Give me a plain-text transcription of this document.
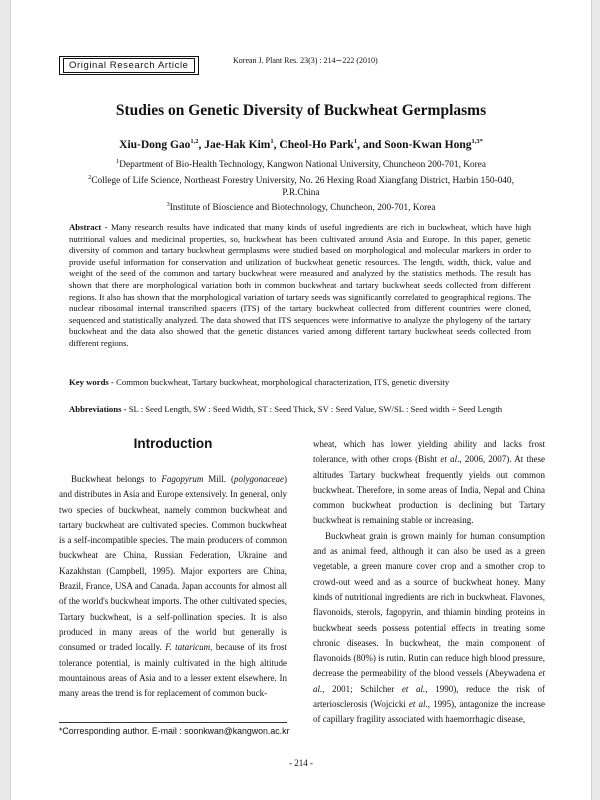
Original Research Article	Korean J. Plant Res. 23(3) : 214∼222 (2010)
Studies on Genetic Diversity of Buckwheat Germplasms
Xiu-Dong Gao$^{1,2}$, Jae-Hak Kim$^1$, Cheol-Ho Park$^1$, and Soon-Kwan Hong$^{1,3*}$
$^1$Department of Bio-Health Technology, Kangwon National University, Chuncheon 200-701, Korea
$^2$College of Life Science, Northeast Forestry University, No. 26 Hexing Road Xiangfang District, Harbin 150-040, P.R.China
$^3$Institute of Bioscience and Biotechnology, Chuncheon, 200-701, Korea

Abstract - Many research results have indicated that many kinds of useful ingredients are rich in buckwheat, which have high nutritional values and medicinal properties, so, buckwheat has been cultivated around Asia and Europe. In this paper, genetic diversity of common and tartary buckwheat germplasms were studied based on morphological and molecular markers in order to provide useful information for conservation and utilization of buckwheat genetic resources. The length, width, thick, value and weight of the seed of the common and tartary buckwheat were measured and analyzed by the statistics methods. The result has shown that there are morphological variation both in common buckwheat and tartary buckwheat seeds collected from different regions. It also has shown that the morphological variation of tartary seeds was significantly correlated to geographical regions. The nuclear ribosomal internal transcribed spacers (ITS) of the tartary buckwheat collected from different countries were cloned, sequenced and statistically analyzed. The data showed that ITS sequences were informative to analyze the phylogeny of the tartary buckwheat and the data also showed that the genetic distances varied among different tartary buckwheat seeds collected from different regions.

Key words - Common buckwheat, Tartary buckwheat, morphological characterization, ITS, genetic diversity

Abbreviations - SL : Seed Length, SW : Seed Width, ST : Seed Thick, SV : Seed Value, SW/SL : Seed width ÷ Seed Length

Introduction

Buckwheat belongs to Fagopyrum Mill. (polygonaceae) and distributes in Asia and Europe extensively. In general, only two species of buckwheat, namely common buckwheat and tartary buckwheat are cultivated species. Common buckwheat is a self-incompatible species. The main producers of common buckwheat are China, Russian Federation, Ukraine and Kazakhstan (Campbell, 1995). Major exporters are China, Brazil, France, USA and Canada. Japan accounts for almost all of the world's buckwheat imports. The other cultivated species, Tartary buckwheat, is a self-pollination species. It is also produced in many areas of the world but generally is consumed or traded locally. F. tataricum, because of its frost tolerance potential, is mainly cultivated in the high altitude mountainous areas of Asia and to a lesser extent elsewhere. In many areas the trend is for replacement of common buck-

wheat, which has lower yielding ability and lacks frost tolerance, with other crops (Bisht et al., 2006, 2007). At these altitudes Tartary buckwheat frequently yields out common buckwheat. Therefore, in some areas of India, Nepal and China common buckwheat production is declining but Tartary buckwheat is remaining stable or increasing.

Buckwheat grain is grown mainly for human consumption and as animal feed, although it can also be used as a green vegetable, a green manure cover crop and a smother crop to crowd-out weed and as a source of buckwheat honey. Many kinds of nutritional ingredients are rich in buckwheat. Flavones, flavonoids, sterols, fagopyrin, and thiamin binding proteins in buckwheat seeds possess potential effects in treating some chronic diseases. In buckwheat, the main component of flavonoids (80%) is rutin. Rutin can reduce high blood pressure, decrease the permeability of the blood vessels (Abeywadena et al., 2001; Schilcher et al., 1990), reduce the risk of arteriosclerosis (Wojcicki et al., 1995), antagonize the increase of capillary fragility associated with haemorrhagic disease,

*Corresponding author. E-mail : soonkwan@kangwon.ac.kr
- 214 -
